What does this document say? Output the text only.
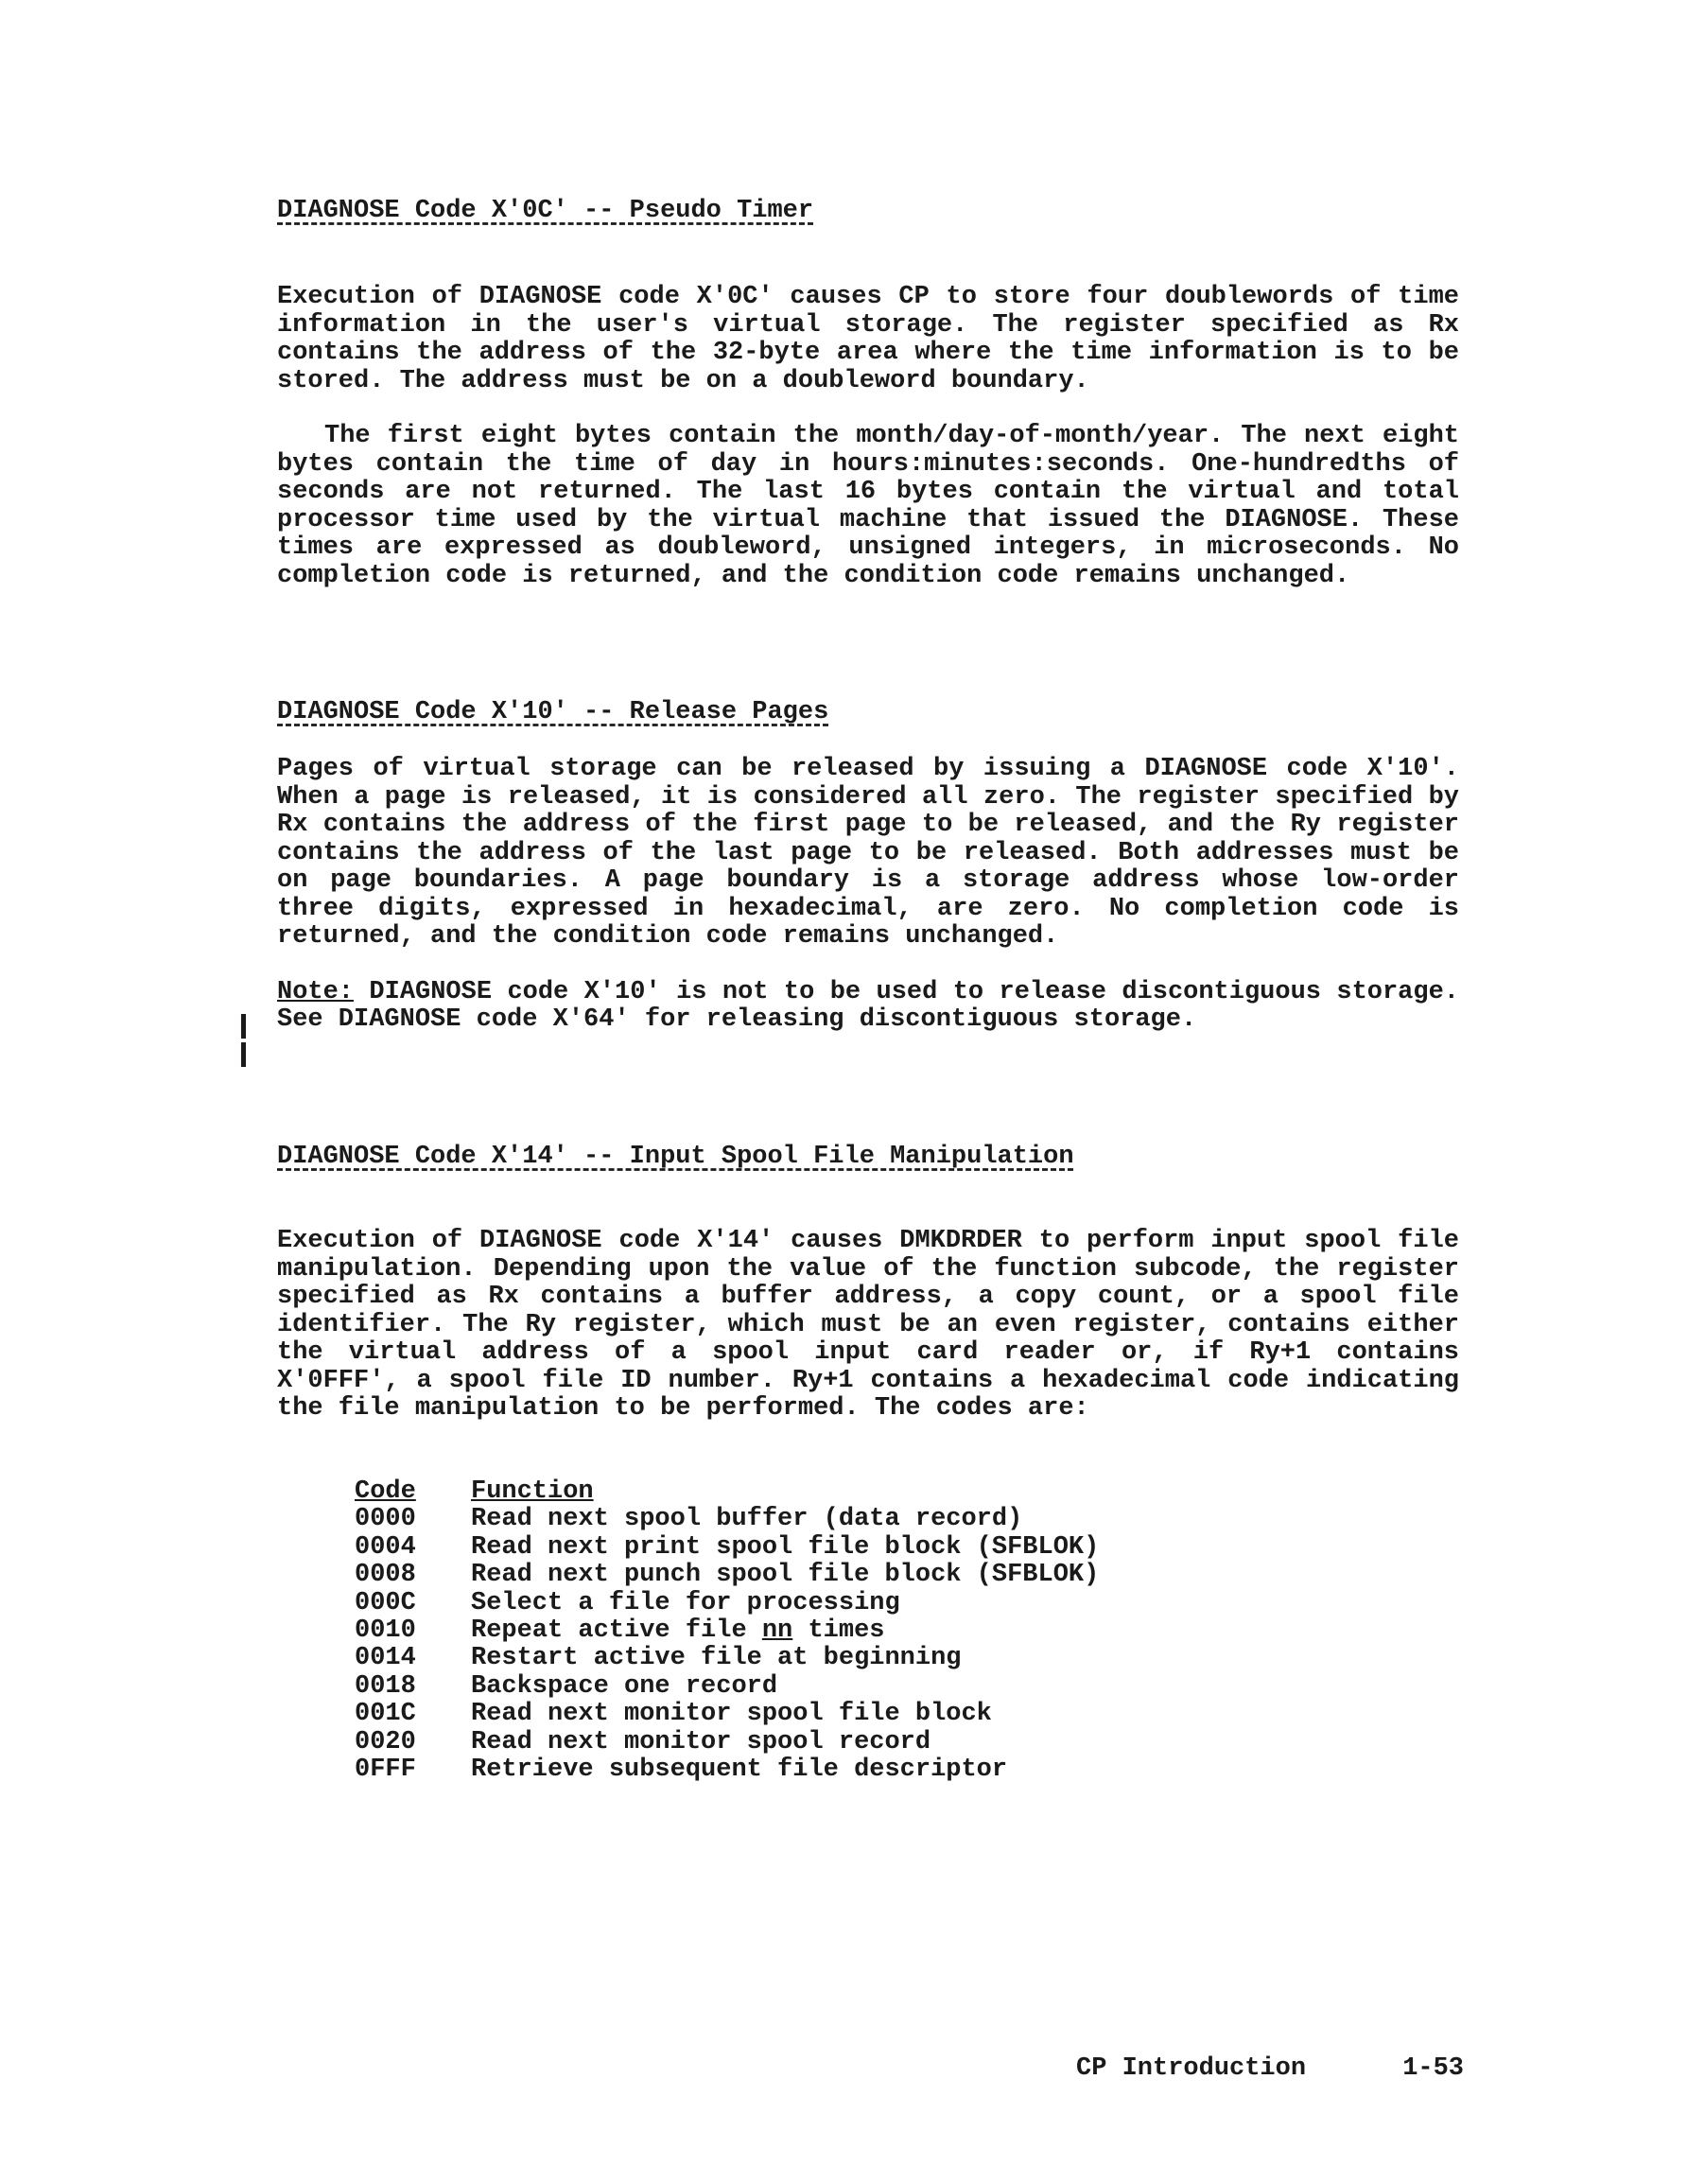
DIAGNOSE Code X'0C' -- Pseudo Timer

Execution of DIAGNOSE code X'0C' causes CP to store four doublewords of time information in the user's virtual storage. The register specified as Rx contains the address of the 32-byte area where the time information is to be stored. The address must be on a doubleword boundary.

The first eight bytes contain the month/day-of-month/year. The next eight bytes contain the time of day in hours:minutes:seconds. One-hundredths of seconds are not returned. The last 16 bytes contain the virtual and total processor time used by the virtual machine that issued the DIAGNOSE. These times are expressed as doubleword, unsigned integers, in microseconds. No completion code is returned, and the condition code remains unchanged.

DIAGNOSE Code X'10' -- Release Pages

Pages of virtual storage can be released by issuing a DIAGNOSE code X'10'. When a page is released, it is considered all zero. The register specified by Rx contains the address of the first page to be released, and the Ry register contains the address of the last page to be released. Both addresses must be on page boundaries. A page boundary is a storage address whose low-order three digits, expressed in hexadecimal, are zero. No completion code is returned, and the condition code remains unchanged.

Note: DIAGNOSE code X'10' is not to be used to release discontiguous storage. See DIAGNOSE code X'64' for releasing discontiguous storage.

DIAGNOSE Code X'14' -- Input Spool File Manipulation

Execution of DIAGNOSE code X'14' causes DMKDRDER to perform input spool file manipulation. Depending upon the value of the function subcode, the register specified as Rx contains a buffer address, a copy count, or a spool file identifier. The Ry register, which must be an even register, contains either the virtual address of a spool input card reader or, if Ry+1 contains X'0FFF', a spool file ID number. Ry+1 contains a hexadecimal code indicating the file manipulation to be performed. The codes are:

Code	Function
0000	Read next spool buffer (data record)
0004	Read next print spool file block (SFBLOK)
0008	Read next punch spool file block (SFBLOK)
000C	Select a file for processing
0010	Repeat active file nn times
0014	Restart active file at beginning
0018	Backspace one record
001C	Read next monitor spool file block
0020	Read next monitor spool record
0FFF	Retrieve subsequent file descriptor
CP Introduction	1-53
